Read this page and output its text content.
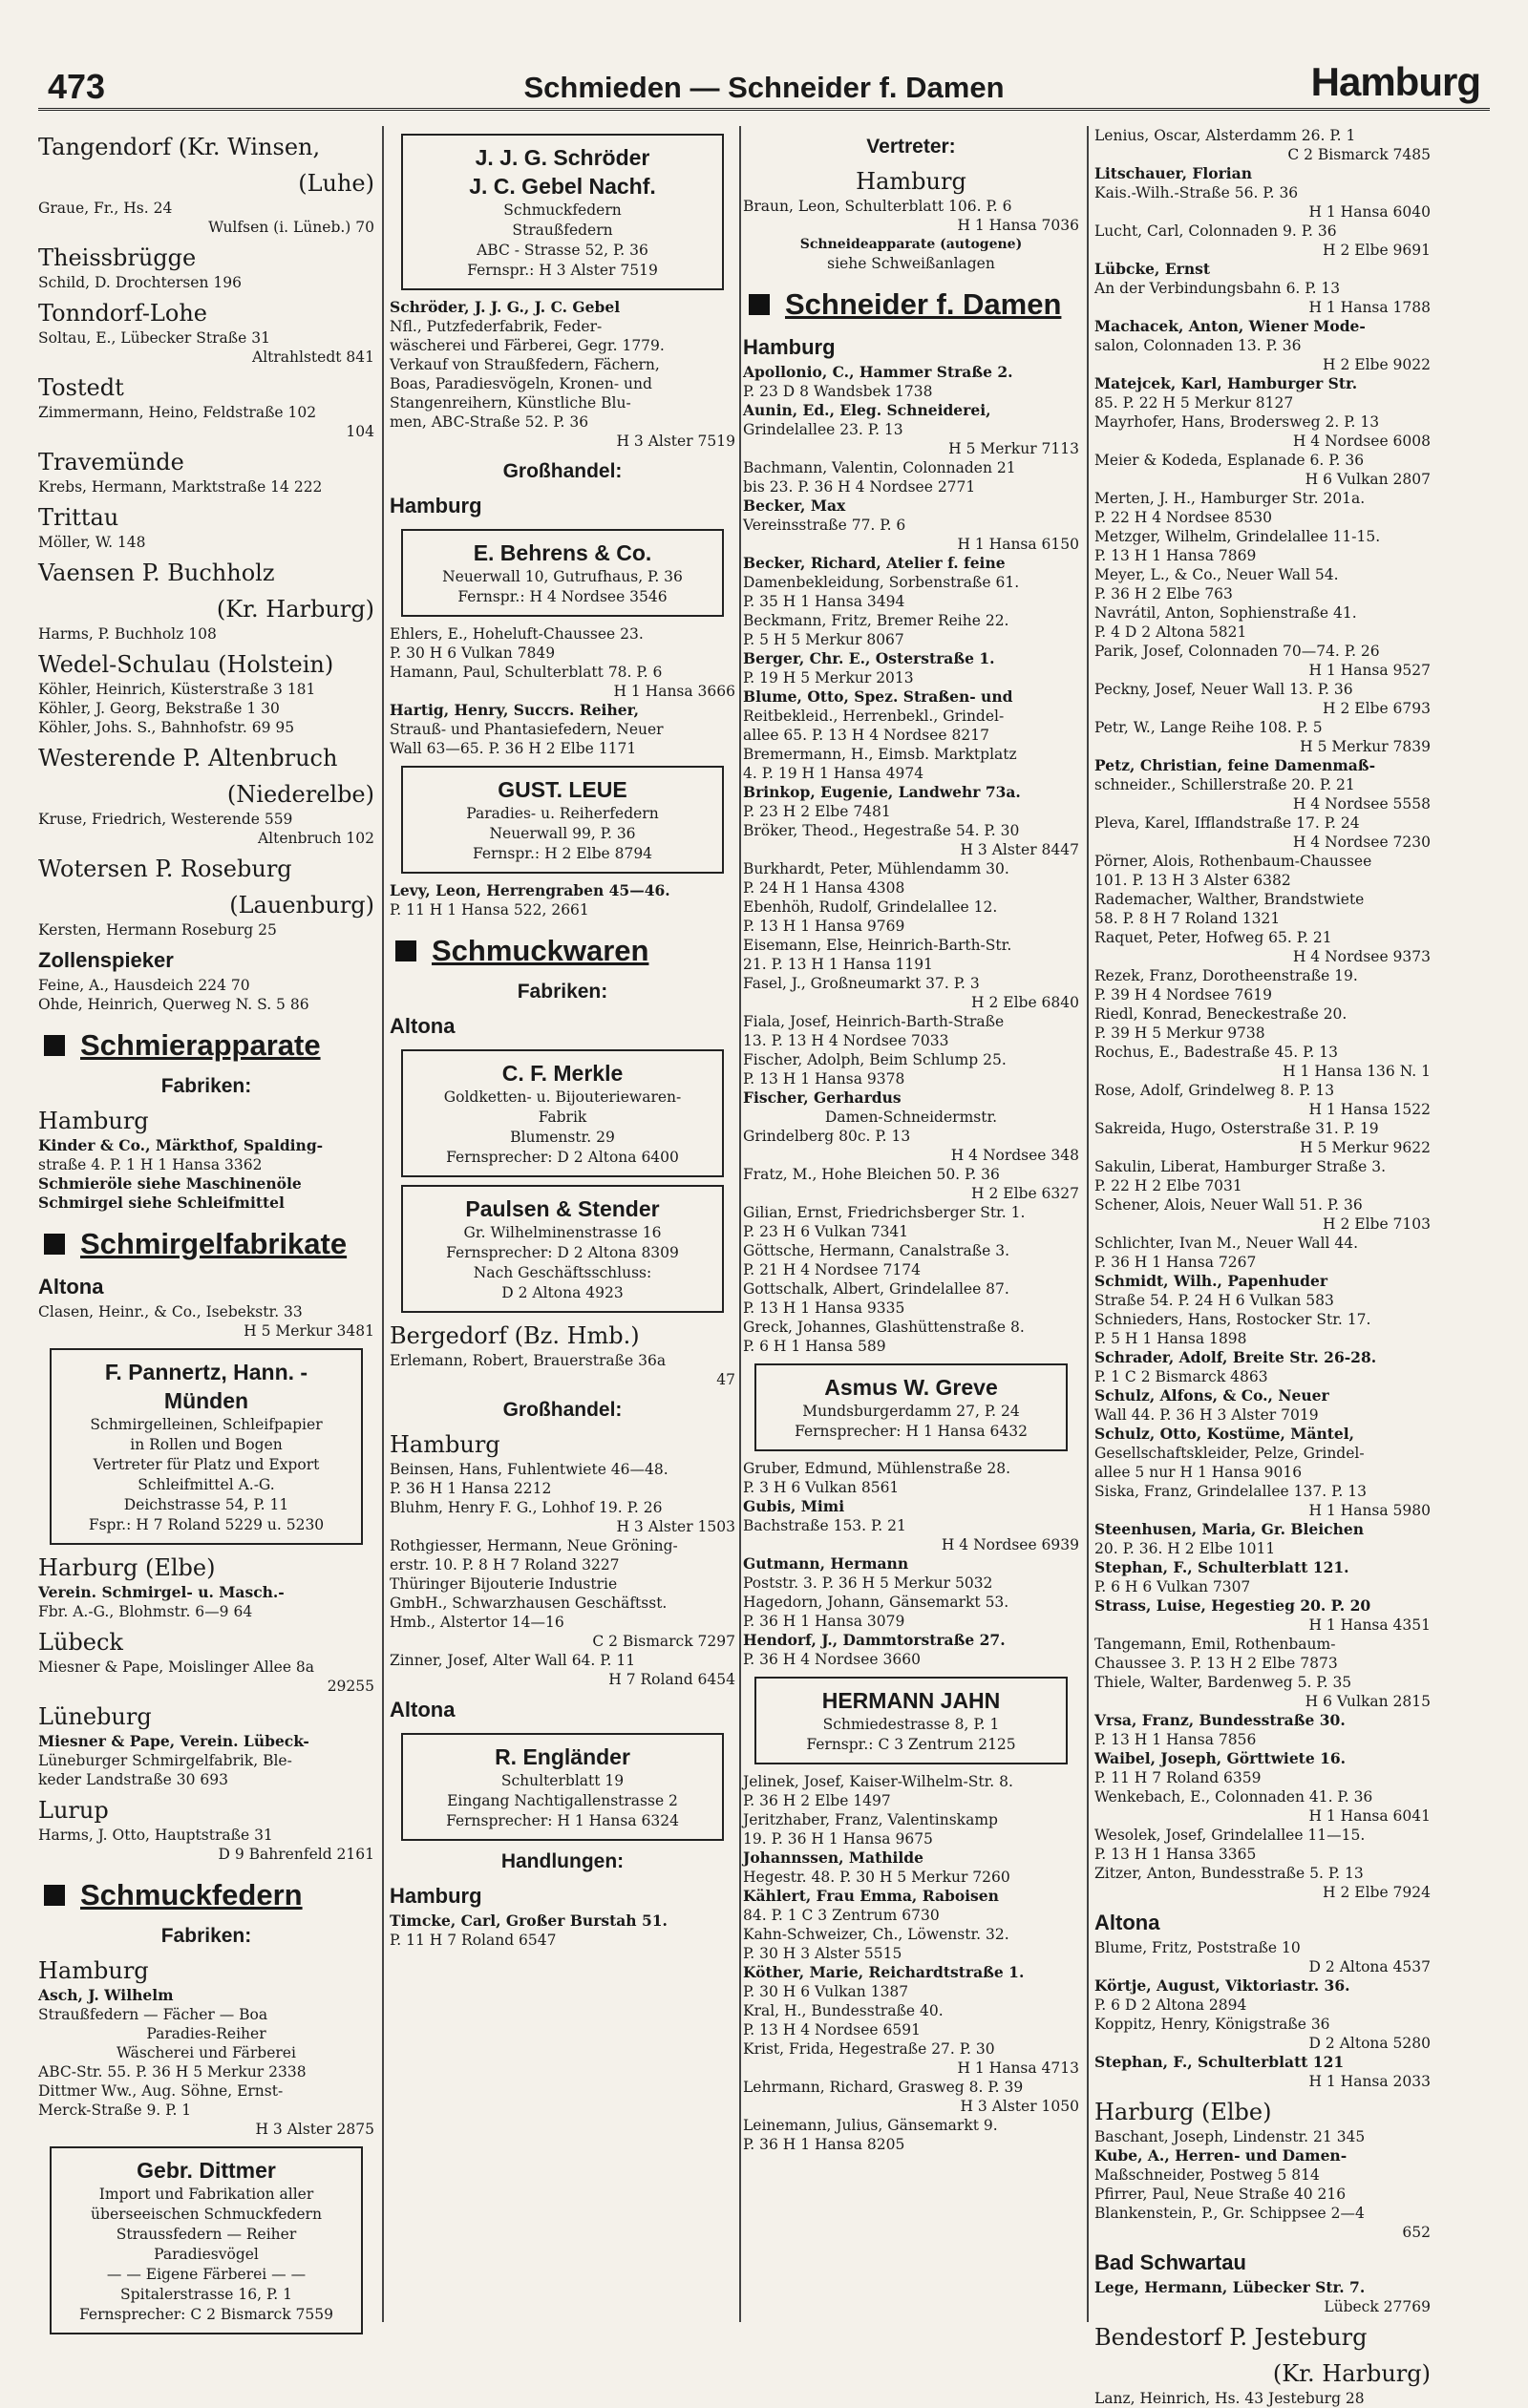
473	Schmieden — Schneider f. Damen	Hamburg
Tangendorf (Kr. Winsen,
(Luhe)
Graue, Fr., Hs. 24
Wulfsen (i. Lüneb.) 70
Theissbrügge
Schild, D. Drochtersen 196
Tonndorf-Lohe
Soltau, E., Lübecker Straße 31
Altrahlstedt 841
Tostedt
Zimmermann, Heino, Feldstraße 102
104
Travemünde
Krebs, Hermann, Marktstraße 14 222
Trittau
Möller, W. 148
Vaensen P. Buchholz
(Kr. Harburg)
Harms, P. Buchholz 108
Wedel-Schulau (Holstein)
Köhler, Heinrich, Küsterstraße 3 181
Köhler, J. Georg, Bekstraße 1 30
Köhler, Johs. S., Bahnhofstr. 69 95
Westerende P. Altenbruch
(Niederelbe)
Kruse, Friedrich, Westerende 559
Altenbruch 102
Wotersen P. Roseburg
(Lauenburg)
Kersten, Hermann Roseburg 25
Zollenspieker
Feine, A., Hausdeich 224 70
Ohde, Heinrich, Querweg N. S. 5 86
Schmierapparate
Fabriken:
Hamburg
Kinder & Co., Märkthof, Spalding-
straße 4. P. 1 H 1 Hansa 3362
Schmieröle siehe Maschinenöle
Schmirgel siehe Schleifmittel
Schmirgelfabrikate
Altona
Clasen, Heinr., & Co., Isebekstr. 33
H 5 Merkur 3481
F. Pannertz, Hann. - Münden
Schmirgelleinen, Schleifpapier
in Rollen und Bogen
Vertreter für Platz und Export
Schleifmittel A.-G.
Deichstrasse 54, P. 11
Fspr.: H 7 Roland 5229 u. 5230
Harburg (Elbe)
Verein. Schmirgel- u. Masch.-
Fbr. A.-G., Blohmstr. 6—9 64
Lübeck
Miesner & Pape, Moislinger Allee 8a
29255
Lüneburg
Miesner & Pape, Verein. Lübeck-
Lüneburger Schmirgelfabrik, Ble-
keder Landstraße 30 693
Lurup
Harms, J. Otto, Hauptstraße 31
D 9 Bahrenfeld 2161
Schmuckfedern
Fabriken:
Hamburg
Asch, J. Wilhelm
Straußfedern — Fächer — Boa
Paradies-Reiher
Wäscherei und Färberei
ABC-Str. 55. P. 36 H 5 Merkur 2338
Dittmer Ww., Aug. Söhne, Ernst-
Merck-Straße 9. P. 1
H 3 Alster 2875
Gebr. Dittmer
Import und Fabrikation aller
überseeischen Schmuckfedern
Straussfedern — Reiher
Paradiesvögel
— — Eigene Färberei — —
Spitalerstrasse 16, P. 1
Fernsprecher: C 2 Bismarck 7559
J. J. G. Schröder
J. C. Gebel Nachf.
Schmuckfedern
Straußfedern
ABC - Strasse 52, P. 36
Fernspr.: H 3 Alster 7519
Schröder, J. J. G., J. C. Gebel
Nfl., Putzfederfabrik, Feder-
wäscherei und Färberei, Gegr. 1779.
Verkauf von Straußfedern, Fächern,
Boas, Paradiesvögeln, Kronen- und
Stangenreihern, Künstliche Blu-
men, ABC-Straße 52. P. 36
H 3 Alster 7519
Großhandel:
Hamburg
E. Behrens & Co.
Neuerwall 10, Gutrufhaus, P. 36
Fernspr.: H 4 Nordsee 3546
Ehlers, E., Hoheluft-Chaussee 23.
P. 30 H 6 Vulkan 7849
Hamann, Paul, Schulterblatt 78. P. 6
H 1 Hansa 3666
Hartig, Henry, Succrs. Reiher,
Strauß- und Phantasiefedern, Neuer
Wall 63—65. P. 36 H 2 Elbe 1171
GUST. LEUE
Paradies- u. Reiherfedern
Neuerwall 99, P. 36
Fernspr.: H 2 Elbe 8794
Levy, Leon, Herrengraben 45—46.
P. 11 H 1 Hansa 522, 2661
Schmuckwaren
Fabriken:
Altona
C. F. Merkle
Goldketten- u. Bijouteriewaren-
Fabrik
Blumenstr. 29
Fernsprecher: D 2 Altona 6400
Paulsen & Stender
Gr. Wilhelminenstrasse 16
Fernsprecher: D 2 Altona 8309
Nach Geschäftsschluss:
D 2 Altona 4923
Bergedorf (Bz. Hmb.)
Erlemann, Robert, Brauerstraße 36a
47
Großhandel:
Hamburg
Beinsen, Hans, Fuhlentwiete 46—48.
P. 36 H 1 Hansa 2212
Bluhm, Henry F. G., Lohhof 19. P. 26
H 3 Alster 1503
Rothgiesser, Hermann, Neue Gröning-
erstr. 10. P. 8 H 7 Roland 3227
Thüringer Bijouterie Industrie
GmbH., Schwarzhausen Geschäftsst.
Hmb., Alstertor 14—16
C 2 Bismarck 7297
Zinner, Josef, Alter Wall 64. P. 11
H 7 Roland 6454
Altona
R. Engländer
Schulterblatt 19
Eingang Nachtigallenstrasse 2
Fernsprecher: H 1 Hansa 6324
Handlungen:
Hamburg
Timcke, Carl, Großer Burstah 51.
P. 11 H 7 Roland 6547
Vertreter:
Hamburg
Braun, Leon, Schulterblatt 106. P. 6
H 1 Hansa 7036
Schneideapparate (autogene)
siehe Schweißanlagen
Schneider f. Damen
Hamburg
Apollonio, C., Hammer Straße 2.
P. 23 D 8 Wandsbek 1738
Aunin, Ed., Eleg. Schneiderei,
Grindelallee 23. P. 13
H 5 Merkur 7113
Bachmann, Valentin, Colonnaden 21
bis 23. P. 36 H 4 Nordsee 2771
Becker, Max
Vereinsstraße 77. P. 6
H 1 Hansa 6150
Becker, Richard, Atelier f. feine
Damenbekleidung, Sorbenstraße 61.
P. 35 H 1 Hansa 3494
Beckmann, Fritz, Bremer Reihe 22.
P. 5 H 5 Merkur 8067
Berger, Chr. E., Osterstraße 1.
P. 19 H 5 Merkur 2013
Blume, Otto, Spez. Straßen- und
Reitbekleid., Herrenbekl., Grindel-
allee 65. P. 13 H 4 Nordsee 8217
Bremermann, H., Eimsb. Marktplatz
4. P. 19 H 1 Hansa 4974
Brinkop, Eugenie, Landwehr 73a.
P. 23 H 2 Elbe 7481
Bröker, Theod., Hegestraße 54. P. 30
H 3 Alster 8447
Burkhardt, Peter, Mühlendamm 30.
P. 24 H 1 Hansa 4308
Ebenhöh, Rudolf, Grindelallee 12.
P. 13 H 1 Hansa 9769
Eisemann, Else, Heinrich-Barth-Str.
21. P. 13 H 1 Hansa 1191
Fasel, J., Großneumarkt 37. P. 3
H 2 Elbe 6840
Fiala, Josef, Heinrich-Barth-Straße
13. P. 13 H 4 Nordsee 7033
Fischer, Adolph, Beim Schlump 25.
P. 13 H 1 Hansa 9378
Fischer, Gerhardus
Damen-Schneidermstr.
Grindelberg 80c. P. 13
H 4 Nordsee 348
Fratz, M., Hohe Bleichen 50. P. 36
H 2 Elbe 6327
Gilian, Ernst, Friedrichsberger Str. 1.
P. 23 H 6 Vulkan 7341
Göttsche, Hermann, Canalstraße 3.
P. 21 H 4 Nordsee 7174
Gottschalk, Albert, Grindelallee 87.
P. 13 H 1 Hansa 9335
Greck, Johannes, Glashüttenstraße 8.
P. 6 H 1 Hansa 589
Asmus W. Greve
Mundsburgerdamm 27, P. 24
Fernsprecher: H 1 Hansa 6432
Gruber, Edmund, Mühlenstraße 28.
P. 3 H 6 Vulkan 8561
Gubis, Mimi
Bachstraße 153. P. 21
H 4 Nordsee 6939
Gutmann, Hermann
Poststr. 3. P. 36 H 5 Merkur 5032
Hagedorn, Johann, Gänsemarkt 53.
P. 36 H 1 Hansa 3079
Hendorf, J., Dammtorstraße 27.
P. 36 H 4 Nordsee 3660
HERMANN JAHN
Schmiedestrasse 8, P. 1
Fernspr.: C 3 Zentrum 2125
Jelinek, Josef, Kaiser-Wilhelm-Str. 8.
P. 36 H 2 Elbe 1497
Jeritzhaber, Franz, Valentinskamp
19. P. 36 H 1 Hansa 9675
Johannssen, Mathilde
Hegestr. 48. P. 30 H 5 Merkur 7260
Kählert, Frau Emma, Raboisen
84. P. 1 C 3 Zentrum 6730
Kahn-Schweizer, Ch., Löwenstr. 32.
P. 30 H 3 Alster 5515
Köther, Marie, Reichardtstraße 1.
P. 30 H 6 Vulkan 1387
Kral, H., Bundesstraße 40.
P. 13 H 4 Nordsee 6591
Krist, Frida, Hegestraße 27. P. 30
H 1 Hansa 4713
Lehrmann, Richard, Grasweg 8. P. 39
H 3 Alster 1050
Leinemann, Julius, Gänsemarkt 9.
P. 36 H 1 Hansa 8205
Lenius, Oscar, Alsterdamm 26. P. 1
C 2 Bismarck 7485
Litschauer, Florian
Kais.-Wilh.-Straße 56. P. 36
H 1 Hansa 6040
Lucht, Carl, Colonnaden 9. P. 36
H 2 Elbe 9691
Lübcke, Ernst
An der Verbindungsbahn 6. P. 13
H 1 Hansa 1788
Machacek, Anton, Wiener Mode-
salon, Colonnaden 13. P. 36
H 2 Elbe 9022
Matejcek, Karl, Hamburger Str.
85. P. 22 H 5 Merkur 8127
Mayrhofer, Hans, Brodersweg 2. P. 13
H 4 Nordsee 6008
Meier & Kodeda, Esplanade 6. P. 36
H 6 Vulkan 2807
Merten, J. H., Hamburger Str. 201a.
P. 22 H 4 Nordsee 8530
Metzger, Wilhelm, Grindelallee 11-15.
P. 13 H 1 Hansa 7869
Meyer, L., & Co., Neuer Wall 54.
P. 36 H 2 Elbe 763
Navrátil, Anton, Sophienstraße 41.
P. 4 D 2 Altona 5821
Parik, Josef, Colonnaden 70—74. P. 26
H 1 Hansa 9527
Peckny, Josef, Neuer Wall 13. P. 36
H 2 Elbe 6793
Petr, W., Lange Reihe 108. P. 5
H 5 Merkur 7839
Petz, Christian, feine Damenmaß-
schneider., Schillerstraße 20. P. 21
H 4 Nordsee 5558
Pleva, Karel, Ifflandstraße 17. P. 24
H 4 Nordsee 7230
Pörner, Alois, Rothenbaum-Chaussee
101. P. 13 H 3 Alster 6382
Rademacher, Walther, Brandstwiete
58. P. 8 H 7 Roland 1321
Raquet, Peter, Hofweg 65. P. 21
H 4 Nordsee 9373
Rezek, Franz, Dorotheenstraße 19.
P. 39 H 4 Nordsee 7619
Riedl, Konrad, Beneckestraße 20.
P. 39 H 5 Merkur 9738
Rochus, E., Badestraße 45. P. 13
H 1 Hansa 136 N. 1
Rose, Adolf, Grindelweg 8. P. 13
H 1 Hansa 1522
Sakreida, Hugo, Osterstraße 31. P. 19
H 5 Merkur 9622
Sakulin, Liberat, Hamburger Straße 3.
P. 22 H 2 Elbe 7031
Schener, Alois, Neuer Wall 51. P. 36
H 2 Elbe 7103
Schlichter, Ivan M., Neuer Wall 44.
P. 36 H 1 Hansa 7267
Schmidt, Wilh., Papenhuder
Straße 54. P. 24 H 6 Vulkan 583
Schnieders, Hans, Rostocker Str. 17.
P. 5 H 1 Hansa 1898
Schrader, Adolf, Breite Str. 26-28.
P. 1 C 2 Bismarck 4863
Schulz, Alfons, & Co., Neuer
Wall 44. P. 36 H 3 Alster 7019
Schulz, Otto, Kostüme, Mäntel,
Gesellschaftskleider, Pelze, Grindel-
allee 5 nur H 1 Hansa 9016
Siska, Franz, Grindelallee 137. P. 13
H 1 Hansa 5980
Steenhusen, Maria, Gr. Bleichen
20. P. 36. H 2 Elbe 1011
Stephan, F., Schulterblatt 121.
P. 6 H 6 Vulkan 7307
Strass, Luise, Hegestieg 20. P. 20
H 1 Hansa 4351
Tangemann, Emil, Rothenbaum-
Chaussee 3. P. 13 H 2 Elbe 7873
Thiele, Walter, Bardenweg 5. P. 35
H 6 Vulkan 2815
Vrsa, Franz, Bundesstraße 30.
P. 13 H 1 Hansa 7856
Waibel, Joseph, Görttwiete 16.
P. 11 H 7 Roland 6359
Wenkebach, E., Colonnaden 41. P. 36
H 1 Hansa 6041
Wesolek, Josef, Grindelallee 11—15.
P. 13 H 1 Hansa 3365
Zitzer, Anton, Bundesstraße 5. P. 13
H 2 Elbe 7924
Altona
Blume, Fritz, Poststraße 10
D 2 Altona 4537
Körtje, August, Viktoriastr. 36.
P. 6 D 2 Altona 2894
Koppitz, Henry, Königstraße 36
D 2 Altona 5280
Stephan, F., Schulterblatt 121
H 1 Hansa 2033
Harburg (Elbe)
Baschant, Joseph, Lindenstr. 21 345
Kube, A., Herren- und Damen-
Maßschneider, Postweg 5 814
Pfirrer, Paul, Neue Straße 40 216
Blankenstein, P., Gr. Schippsee 2—4
652
Bad Schwartau
Lege, Hermann, Lübecker Str. 7.
Lübeck 27769
Bendestorf P. Jesteburg
(Kr. Harburg)
Lanz, Heinrich, Hs. 43 Jesteburg 28
